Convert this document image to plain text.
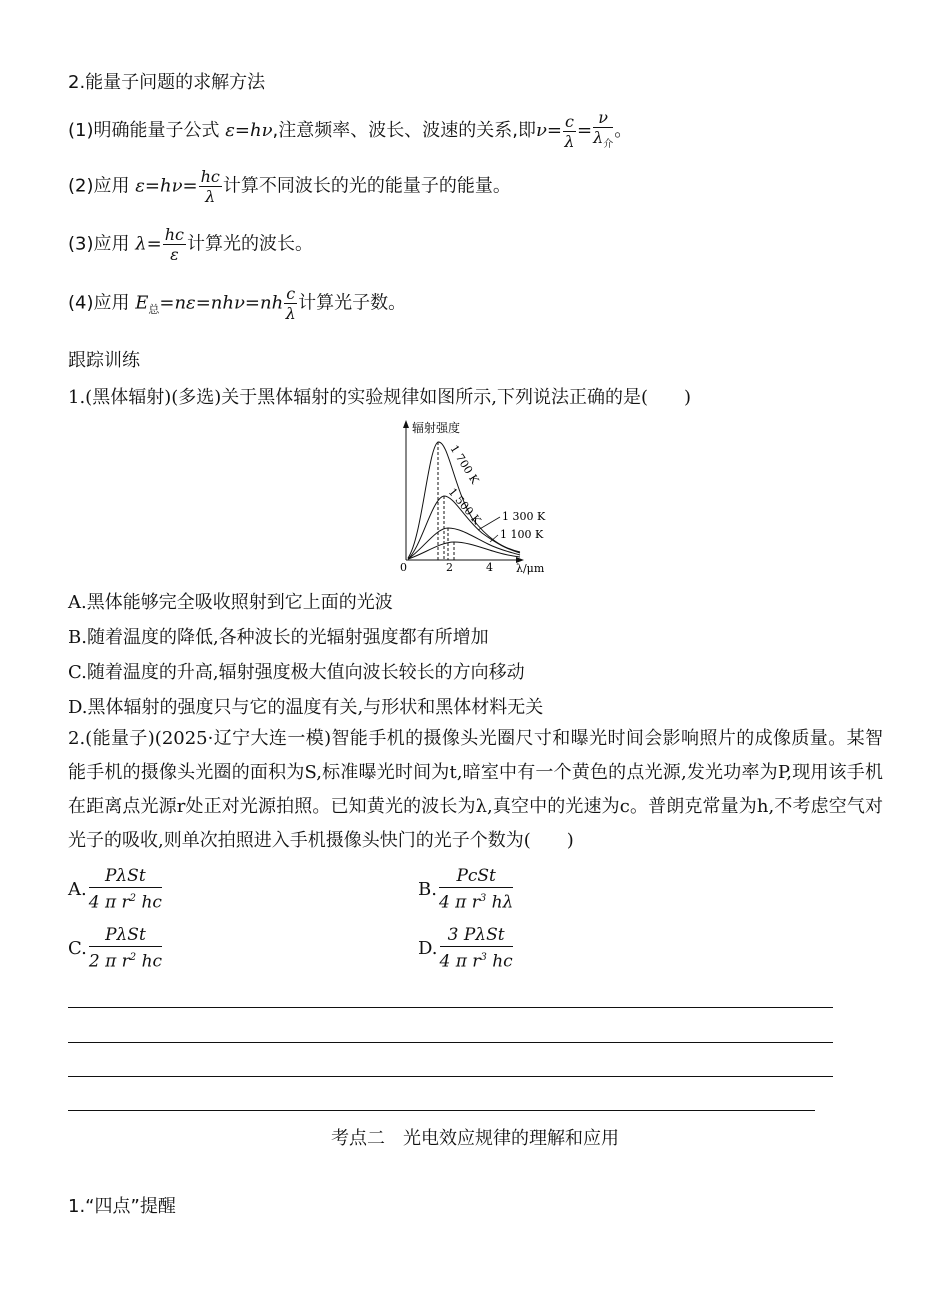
2.能量子问题的求解方法
(1)明确能量子公式 ε=hν,注意频率、波长、波速的关系,即$\nu= \frac{c}{\lambda} = \frac{\nu}{\lambda_介}$ 。
(2)应用 $\varepsilon=h\nu= \frac{hc}{\lambda}$ 计算不同波长的光的能量子的能量。
(3)应用 $\lambda= \frac{hc}{\varepsilon}$ 计算光的波长。
(4)应用 $E_总=n\varepsilon=nh\nu=nh \frac{c}{\lambda}$ 计算光子数。
跟踪训练
1.(黑体辐射)(多选)关于黑体辐射的实验规律如图所示,下列说法正确的是(　　)
辐射强度
λ/μm
0	2	4
1 700 K
1 500 K 1 300 K
1 100 K
A.黑体能够完全吸收照射到它上面的光波
B.随着温度的降低,各种波长的光辐射强度都有所增加
C.随着温度的升高,辐射强度极大值向波长较长的方向移动
D.黑体辐射的强度只与它的温度有关,与形状和黑体材料无关
2.(能量子)(2025·辽宁大连一模)智能手机的摄像头光圈尺寸和曝光时间会影响照片的成像质量。某智能手机的摄像头光圈的面积为S,标准曝光时间为t,暗室中有一个黄色的点光源,发光功率为P,现用该手机在距离点光源r处正对光源拍照。已知黄光的波长为λ,真空中的光速为c。普朗克常量为h,不考虑空气对光子的吸收,则单次拍照进入手机摄像头快门的光子个数为(　　)
A. $\frac{\text{PλSt}}{4 \pi r^2 hc}$	B. $\frac{\text{PcSt}}{4 \pi r^3 h\lambda}$
C. $\frac{\text{PλSt}}{2 \pi r^2 hc}$	D. $\frac{\text{3 PλSt}}{4 \pi r^3 hc}$
考点二　光电效应规律的理解和应用
1.“四点”提醒
